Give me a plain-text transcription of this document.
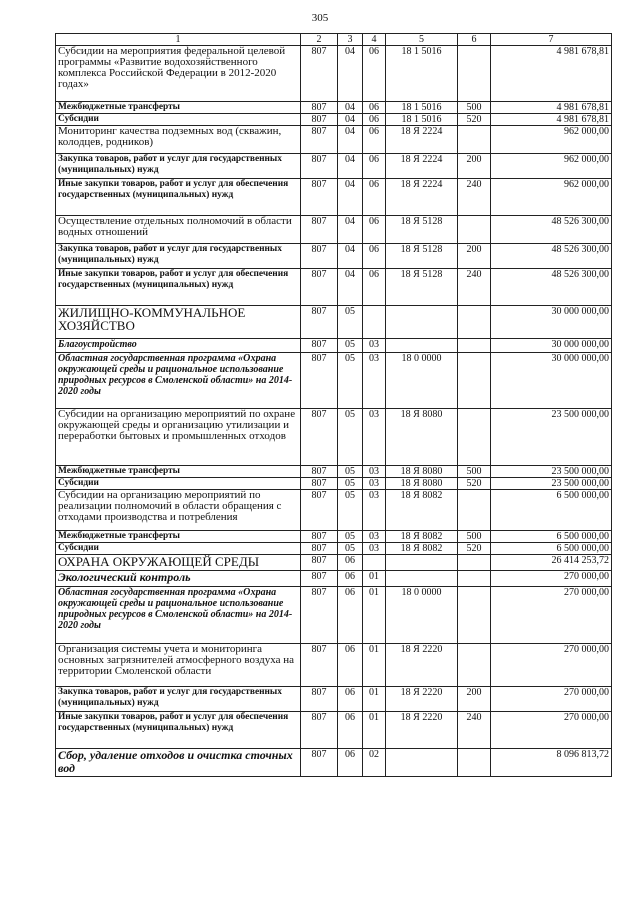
305
1	2	3	4	5	6	7
Субсидии на мероприятия федеральной целевой программы «Развитие водохозяйственного комплекса Российской Федерации в 2012-2020 годах»	807	04	06	18 1 5016		4 981 678,81
Межбюджетные трансферты	807	04	06	18 1 5016	500	4 981 678,81
Субсидии	807	04	06	18 1 5016	520	4 981 678,81
Мониторинг качества подземных вод (скважин, колодцев, родников)	807	04	06	18 Я 2224		962 000,00
Закупка товаров, работ и услуг для государственных (муниципальных) нужд	807	04	06	18 Я 2224	200	962 000,00
Иные закупки товаров, работ и услуг для обеспечения государственных (муниципальных) нужд	807	04	06	18 Я 2224	240	962 000,00
Осуществление отдельных полномочий в области водных отношений	807	04	06	18 Я 5128		48 526 300,00
Закупка товаров, работ и услуг для государственных (муниципальных) нужд	807	04	06	18 Я 5128	200	48 526 300,00
Иные закупки товаров, работ и услуг для обеспечения государственных (муниципальных) нужд	807	04	06	18 Я 5128	240	48 526 300,00
ЖИЛИЩНО-КОММУНАЛЬНОЕ ХОЗЯЙСТВО	807	05				30 000 000,00
Благоустройство	807	05	03			30 000 000,00
Областная государственная программа «Охрана окружающей среды и рациональное использование природных ресурсов в Смоленской области» на 2014-2020 годы	807	05	03	18 0 0000		30 000 000,00
Субсидии на организацию мероприятий по охране окружающей среды и организацию утилизации и переработки бытовых и промышленных отходов	807	05	03	18 Я 8080		23 500 000,00
Межбюджетные трансферты	807	05	03	18 Я 8080	500	23 500 000,00
Субсидии	807	05	03	18 Я 8080	520	23 500 000,00
Субсидии на организацию мероприятий по реализации полномочий в области обращения с отходами производства и потребления	807	05	03	18 Я 8082		6 500 000,00
Межбюджетные трансферты	807	05	03	18 Я 8082	500	6 500 000,00
Субсидии	807	05	03	18 Я 8082	520	6 500 000,00
ОХРАНА ОКРУЖАЮЩЕЙ СРЕДЫ	807	06				26 414 253,72
Экологический контроль	807	06	01			270 000,00
Областная государственная программа «Охрана окружающей среды и рациональное использование природных ресурсов в Смоленской области» на 2014-2020 годы	807	06	01	18 0 0000		270 000,00
Организация системы учета и мониторинга основных загрязнителей атмосферного воздуха на территории Смоленской области	807	06	01	18 Я 2220		270 000,00
Закупка товаров, работ и услуг для государственных (муниципальных) нужд	807	06	01	18 Я 2220	200	270 000,00
Иные закупки товаров, работ и услуг для обеспечения государственных (муниципальных) нужд	807	06	01	18 Я 2220	240	270 000,00
Сбор, удаление отходов и очистка сточных вод	807	06	02			8 096 813,72
